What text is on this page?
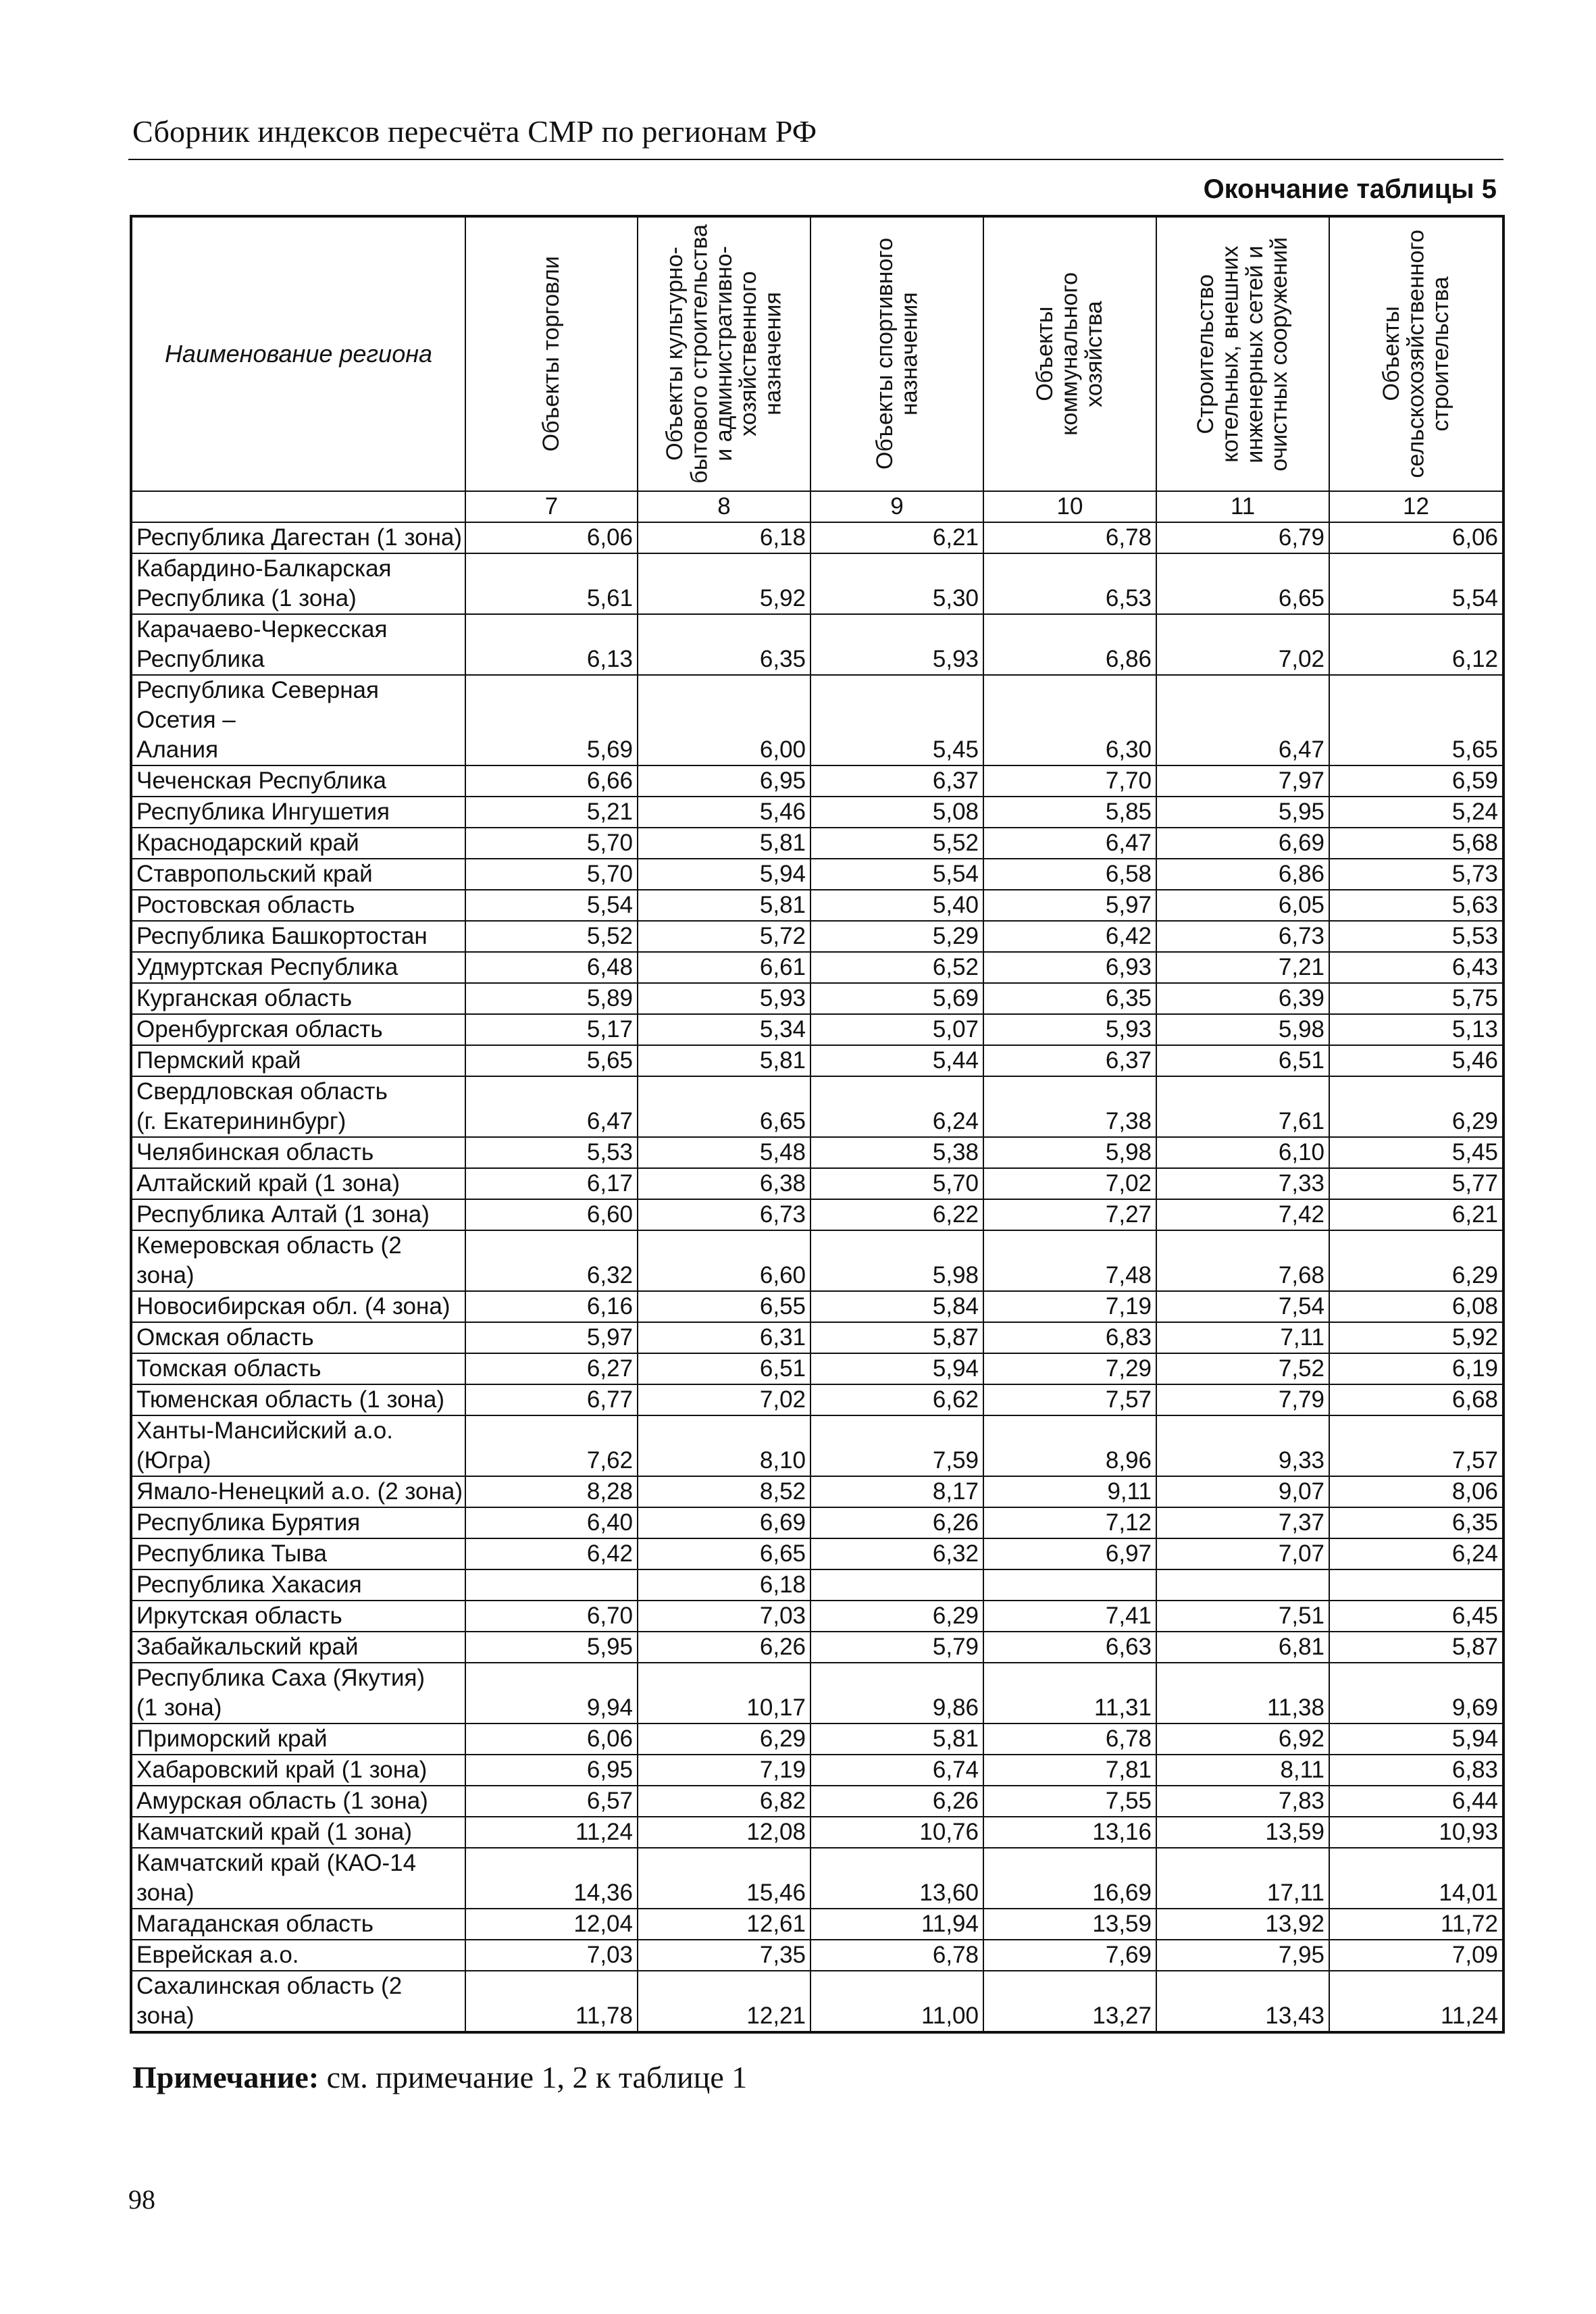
Сборник индексов пересчёта СМР по регионам РФ
Окончание таблицы 5
Наименование региона	Объекты торговли	Объекты культурно-
бытового строительства
и административно-
хозяйственного
назначения	Объекты спортивного
назначения	Объекты
коммунального
хозяйства	Строительство
котельных, внешних
инженерных сетей и
очистных сооружений	Объекты
сельскохозяйственного
строительства

	7	8	9	10	11	12
Республика Дагестан (1 зона)	6,06	6,18	6,21	6,78	6,79	6,06
Кабардино-Балкарская
Республика (1 зона)	5,61	5,92	5,30	6,53	6,65	5,54
Карачаево-Черкесская
Республика	6,13	6,35	5,93	6,86	7,02	6,12
Республика Северная Осетия –
Алания	5,69	6,00	5,45	6,30	6,47	5,65
Чеченская Республика	6,66	6,95	6,37	7,70	7,97	6,59
Республика Ингушетия	5,21	5,46	5,08	5,85	5,95	5,24
Краснодарский край	5,70	5,81	5,52	6,47	6,69	5,68
Ставропольский край	5,70	5,94	5,54	6,58	6,86	5,73
Ростовская область	5,54	5,81	5,40	5,97	6,05	5,63
Республика Башкортостан	5,52	5,72	5,29	6,42	6,73	5,53
Удмуртская Республика	6,48	6,61	6,52	6,93	7,21	6,43
Курганская область	5,89	5,93	5,69	6,35	6,39	5,75
Оренбургская область	5,17	5,34	5,07	5,93	5,98	5,13
Пермский край	5,65	5,81	5,44	6,37	6,51	5,46
Свердловская область
(г. Екатерининбург)	6,47	6,65	6,24	7,38	7,61	6,29
Челябинская область	5,53	5,48	5,38	5,98	6,10	5,45
Алтайский край (1 зона)	6,17	6,38	5,70	7,02	7,33	5,77
Республика Алтай (1 зона)	6,60	6,73	6,22	7,27	7,42	6,21
Кемеровская область (2 зона)	6,32	6,60	5,98	7,48	7,68	6,29
Новосибирская обл. (4 зона)	6,16	6,55	5,84	7,19	7,54	6,08
Омская область	5,97	6,31	5,87	6,83	7,11	5,92
Томская область	6,27	6,51	5,94	7,29	7,52	6,19
Тюменская область (1 зона)	6,77	7,02	6,62	7,57	7,79	6,68
Ханты-Мансийский а.о. (Югра)	7,62	8,10	7,59	8,96	9,33	7,57
Ямало-Ненецкий а.о. (2 зона)	8,28	8,52	8,17	9,11	9,07	8,06
Республика Бурятия	6,40	6,69	6,26	7,12	7,37	6,35
Республика Тыва	6,42	6,65	6,32	6,97	7,07	6,24
Республика Хакасия		6,18				
Иркутская область	6,70	7,03	6,29	7,41	7,51	6,45
Забайкальский край	5,95	6,26	5,79	6,63	6,81	5,87
Республика Саха (Якутия)
(1 зона)	9,94	10,17	9,86	11,31	11,38	9,69
Приморский край	6,06	6,29	5,81	6,78	6,92	5,94
Хабаровский край (1 зона)	6,95	7,19	6,74	7,81	8,11	6,83
Амурская область (1 зона)	6,57	6,82	6,26	7,55	7,83	6,44
Камчатский край (1 зона)	11,24	12,08	10,76	13,16	13,59	10,93
Камчатский край (КАО-14 зона)	14,36	15,46	13,60	16,69	17,11	14,01
Магаданская область	12,04	12,61	11,94	13,59	13,92	11,72
Еврейская а.о.	7,03	7,35	6,78	7,69	7,95	7,09
Сахалинская область (2 зона)	11,78	12,21	11,00	13,27	13,43	11,24
Примечание: см. примечание 1, 2 к таблице 1
98
